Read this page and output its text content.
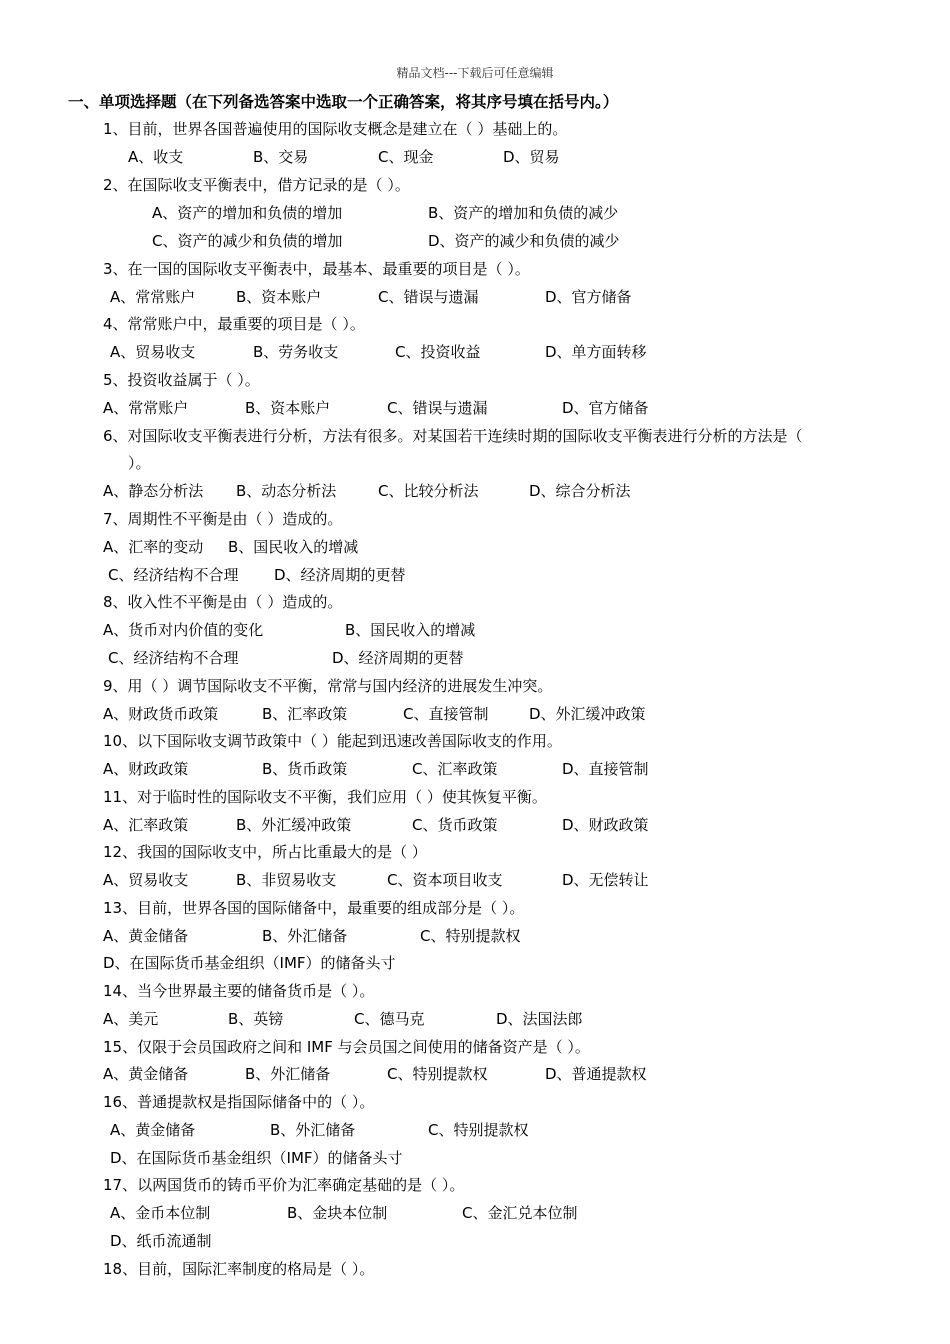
精品文档---下载后可任意编辑
一、单项选择题（在下列备选答案中选取一个正确答案，将其序号填在括号内。）
1、目前，世界各国普遍使用的国际收支概念是建立在（ ）基础上的。
A、收支	B、交易	C、现金	D、贸易
2、在国际收支平衡表中，借方记录的是（ ）。
A、资产的增加和负债的增加	B、资产的增加和负债的减少
C、资产的减少和负债的增加	D、资产的减少和负债的减少
3、在一国的国际收支平衡表中，最基本、最重要的项目是（ ）。
A、常常账户	B、资本账户	C、错误与遗漏	D、官方储备
4、常常账户中，最重要的项目是（ ）。
A、贸易收支	B、劳务收支	C、投资收益	D、单方面转移
5、投资收益属于（ ）。
A、常常账户	B、资本账户	C、错误与遗漏	D、官方储备
6、对国际收支平衡表进行分析，方法有很多。对某国若干连续时期的国际收支平衡表进行分析的方法是（
）。
A、静态分析法 B、动态分析法	C、比较分析法	D、综合分析法
7、周期性不平衡是由（ ）造成的。
A、汇率的变动 B、国民收入的增减
C、经济结构不合理 D、经济周期的更替
8、收入性不平衡是由（ ）造成的。
A、货币对内价值的变化	B、国民收入的增减
C、经济结构不合理	D、经济周期的更替
9、用（ ）调节国际收支不平衡，常常与国内经济的进展发生冲突。
A、财政货币政策	B、汇率政策	C、直接管制	D、外汇缓冲政策
10、以下国际收支调节政策中（ ）能起到迅速改善国际收支的作用。
A、财政政策	B、货币政策	C、汇率政策	D、直接管制
11、对于临时性的国际收支不平衡，我们应用（ ）使其恢复平衡。
A、汇率政策	B、外汇缓冲政策	C、货币政策	D、财政政策
12、我国的国际收支中，所占比重最大的是（ ）
A、贸易收支	B、非贸易收支	C、资本项目收支	D、无偿转让
13、目前，世界各国的国际储备中，最重要的组成部分是（ ）。
A、黄金储备	B、外汇储备	C、特别提款权
D、在国际货币基金组织（IMF）的储备头寸
14、当今世界最主要的储备货币是（ ）。
A、美元	B、英镑	C、德马克	D、法国法郎
15、仅限于会员国政府之间和 IMF 与会员国之间使用的储备资产是（ ）。
A、黄金储备	B、外汇储备	C、特别提款权	D、普通提款权
16、普通提款权是指国际储备中的（ ）。
A、黄金储备	B、外汇储备	C、特别提款权
D、在国际货币基金组织（IMF）的储备头寸
17、以两国货币的铸币平价为汇率确定基础的是（ ）。
A、金币本位制	B、金块本位制	C、金汇兑本位制
D、纸币流通制
18、目前，国际汇率制度的格局是（ ）。
